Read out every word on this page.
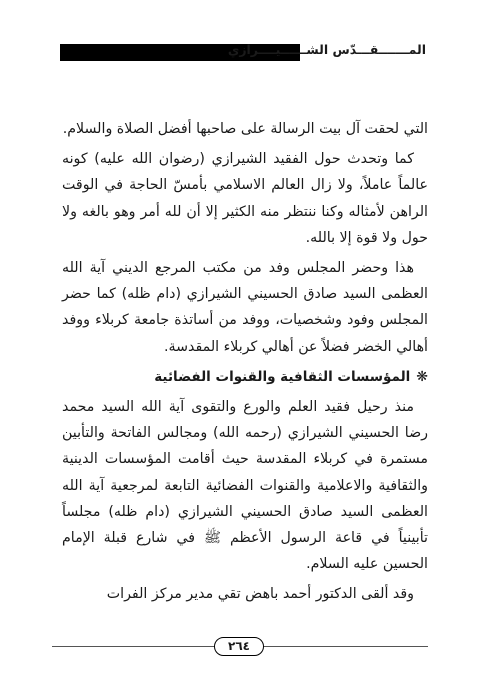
المـــــــقـــدّس الشــــــيــــرازي

التي لحقت آل بيت الرسالة على صاحبها أفضل الصلاة والسلام.

كما وتحدث حول الفقيد الشيرازي (رضوان الله عليه) كونه عالماً عاملاً، ولا زال العالم الاسلامي بأمسّ الحاجة في الوقت الراهن لأمثاله وكنا ننتظر منه الكثير إلا أن لله أمر وهو بالغه ولا حول ولا قوة إلا بالله.

هذا وحضر المجلس وفد من مكتب المرجع الديني آية الله العظمى السيد صادق الحسيني الشيرازي (دام ظله) كما حضر المجلس وفود وشخصيات، ووفد من أساتذة جامعة كربلاء ووفد أهالي الخضر فضلاً عن أهالي كربلاء المقدسة.

❋المؤسسات الثقافية والقنوات الفضائية

منذ رحيل فقيد العلم والورع والتقوى آية الله السيد محمد رضا الحسيني الشيرازي (رحمه الله) ومجالس الفاتحة والتأبين مستمرة في كربلاء المقدسة حيث أقامت المؤسسات الدينية والثقافية والاعلامية والقنوات الفضائية التابعة لمرجعية آية الله العظمى السيد صادق الحسيني الشيرازي (دام ظله) مجلساً تأبينياً في قاعة الرسول الأعظم ﷺ في شارع قبلة الإمام الحسين عليه السلام.

وقد ألقى الدكتور أحمد باهض تقي مدير مركز الفرات

٢٦٤
